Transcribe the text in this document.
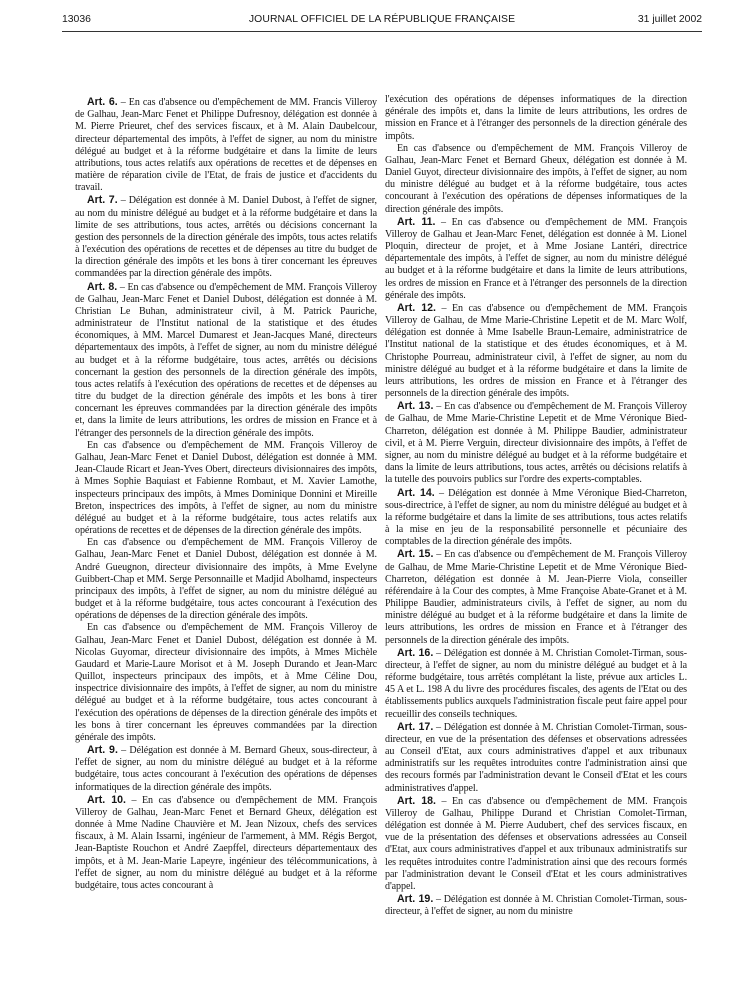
13036	JOURNAL OFFICIEL DE LA RÉPUBLIQUE FRANÇAISE	31 juillet 2002

Art. 6. – En cas d'absence ou d'empêchement de MM. Francis Villeroy de Galhau, Jean-Marc Fenet et Philippe Dufresnoy, délégation est donnée à M. Pierre Prieuret, chef des services fiscaux, et à M. Alain Daubelcour, directeur départemental des impôts, à l'effet de signer, au nom du ministre délégué au budget et à la réforme budgétaire et dans la limite de leurs attributions, tous actes relatifs aux opérations de recettes et de dépenses en matière de réparation civile de l'Etat, de frais de justice et d'accidents du travail.

Art. 7. – Délégation est donnée à M. Daniel Dubost, à l'effet de signer, au nom du ministre délégué au budget et à la réforme budgétaire et dans la limite de ses attributions, tous actes, arrêtés ou décisions concernant la gestion des personnels de la direction générale des impôts, tous actes relatifs à l'exécution des opérations de recettes et de dépenses au titre du budget de la direction générale des impôts et les bons à tirer concernant les épreuves commandées par la direction générale des impôts.

Art. 8. – En cas d'absence ou d'empêchement de MM. François Villeroy de Galhau, Jean-Marc Fenet et Daniel Dubost, délégation est donnée à M. Christian Le Buhan, administrateur civil, à M. Patrick Pauriche, administrateur de l'Institut national de la statistique et des études économiques, à MM. Marcel Dumarest et Jean-Jacques Mané, directeurs départementaux des impôts, à l'effet de signer, au nom du ministre délégué au budget et à la réforme budgétaire, tous actes, arrêtés ou décisions concernant la gestion des personnels de la direction générale des impôts, tous actes relatifs à l'exécution des opérations de recettes et de dépenses au titre du budget de la direction générale des impôts et les bons à tirer concernant les épreuves commandées par la direction générale des impôts et, dans la limite de leurs attributions, les ordres de mission en France et à l'étranger des personnels de la direction générale des impôts.

En cas d'absence ou d'empêchement de MM. François Villeroy de Galhau, Jean-Marc Fenet et Daniel Dubost, délégation est donnée à MM. Jean-Claude Ricart et Jean-Yves Obert, directeurs divisionnaires des impôts, à Mmes Sophie Baquiast et Fabienne Rombaut, et M. Xavier Lamothe, inspecteurs principaux des impôts, à Mmes Dominique Donnini et Mireille Breton, inspectrices des impôts, à l'effet de signer, au nom du ministre délégué au budget et à la réforme budgétaire, tous actes relatifs aux opérations de recettes et de dépenses de la direction générale des impôts.

En cas d'absence ou d'empêchement de MM. François Villeroy de Galhau, Jean-Marc Fenet et Daniel Dubost, délégation est donnée à M. André Gueugnon, directeur divisionnaire des impôts, à Mme Evelyne Guibbert-Chap et MM. Serge Personnaille et Madjid Abolhamd, inspecteurs principaux des impôts, à l'effet de signer, au nom du ministre délégué au budget et à la réforme budgétaire, tous actes concourant à l'exécution des opérations de dépenses de la direction générale des impôts.

En cas d'absence ou d'empêchement de MM. François Villeroy de Galhau, Jean-Marc Fenet et Daniel Dubost, délégation est donnée à M. Nicolas Guyomar, directeur divisionnaire des impôts, à Mmes Michèle Gaudard et Marie-Laure Morisot et à M. Joseph Durando et Jean-Marc Quillot, inspecteurs principaux des impôts, et à Mme Céline Dou, inspectrice divisionnaire des impôts, à l'effet de signer, au nom du ministre délégué au budget et à la réforme budgétaire, tous actes concourant à l'exécution des opérations de dépenses de la direction générale des impôts et les bons à tirer concernant les épreuves commandées par la direction générale des impôts.

Art. 9. – Délégation est donnée à M. Bernard Gheux, sous-directeur, à l'effet de signer, au nom du ministre délégué au budget et à la réforme budgétaire, tous actes concourant à l'exécution des opérations de dépenses informatiques de la direction générale des impôts.

Art. 10. – En cas d'absence ou d'empêchement de MM. François Villeroy de Galhau, Jean-Marc Fenet et Bernard Gheux, délégation est donnée à Mme Nadine Chauvière et M. Jean Nizoux, chefs des services fiscaux, à M. Alain Issarni, ingénieur de l'armement, à MM. Régis Bergot, Jean-Baptiste Rouchon et André Zaepffel, directeurs départementaux des impôts, et à M. Jean-Marie Lapeyre, ingénieur des télécommunications, à l'effet de signer, au nom du ministre délégué au budget et à la réforme budgétaire, tous actes concourant à

l'exécution des opérations de dépenses informatiques de la direction générale des impôts et, dans la limite de leurs attributions, les ordres de mission en France et à l'étranger des personnels de la direction générale des impôts.

En cas d'absence ou d'empêchement de MM. François Villeroy de Galhau, Jean-Marc Fenet et Bernard Gheux, délégation est donnée à M. Daniel Guyot, directeur divisionnaire des impôts, à l'effet de signer, au nom du ministre délégué au budget et à la réforme budgétaire, tous actes concourant à l'exécution des opérations de dépenses informatiques de la direction générale des impôts.

Art. 11. – En cas d'absence ou d'empêchement de MM. François Villeroy de Galhau et Jean-Marc Fenet, délégation est donnée à M. Lionel Ploquin, directeur de projet, et à Mme Josiane Lantéri, directrice départementale des impôts, à l'effet de signer, au nom du ministre délégué au budget et à la réforme budgétaire et dans la limite de leurs attributions, les ordres de mission en France et à l'étranger des personnels de la direction générale des impôts.

Art. 12. – En cas d'absence ou d'empêchement de MM. François Villeroy de Galhau, de Mme Marie-Christine Lepetit et de M. Marc Wolf, délégation est donnée à Mme Isabelle Braun-Lemaire, administratrice de l'Institut national de la statistique et des études économiques, et à M. Christophe Pourreau, administrateur civil, à l'effet de signer, au nom du ministre délégué au budget et à la réforme budgétaire et dans la limite de leurs attributions, les ordres de mission en France et à l'étranger des personnels de la direction générale des impôts.

Art. 13. – En cas d'absence ou d'empêchement de M. François Villeroy de Galhau, de Mme Marie-Christine Lepetit et de Mme Véronique Bied-Charreton, délégation est donnée à M. Philippe Baudier, administrateur civil, et à M. Pierre Verguin, directeur divisionnaire des impôts, à l'effet de signer, au nom du ministre délégué au budget et à la réforme budgétaire et dans la limite de leurs attributions, tous actes, arrêtés ou décisions relatifs à la tutelle des pouvoirs publics sur l'ordre des experts-comptables.

Art. 14. – Délégation est donnée à Mme Véronique Bied-Charreton, sous-directrice, à l'effet de signer, au nom du ministre délégué au budget et à la réforme budgétaire et dans la limite de ses attributions, tous actes relatifs à la mise en jeu de la responsabilité personnelle et pécuniaire des comptables de la direction générale des impôts.

Art. 15. – En cas d'absence ou d'empêchement de M. François Villeroy de Galhau, de Mme Marie-Christine Lepetit et de Mme Véronique Bied-Charreton, délégation est donnée à M. Jean-Pierre Viola, conseiller référendaire à la Cour des comptes, à Mme Françoise Abate-Granet et à M. Philippe Baudier, administrateurs civils, à l'effet de signer, au nom du ministre délégué au budget et à la réforme budgétaire et dans la limite de leurs attributions, les ordres de mission en France et à l'étranger des personnels de la direction générale des impôts.

Art. 16. – Délégation est donnée à M. Christian Comolet-Tirman, sous-directeur, à l'effet de signer, au nom du ministre délégué au budget et à la réforme budgétaire, tous arrêtés complétant la liste, prévue aux articles L. 45 A et L. 198 A du livre des procédures fiscales, des agents de l'Etat ou des établissements publics auxquels l'administration fiscale peut faire appel pour recueillir des conseils techniques.

Art. 17. – Délégation est donnée à M. Christian Comolet-Tirman, sous-directeur, en vue de la présentation des défenses et observations adressées au Conseil d'Etat, aux cours administratives d'appel et aux tribunaux administratifs sur les requêtes introduites contre l'administration ainsi que des recours formés par l'administration devant le Conseil d'Etat et les cours administratives d'appel.

Art. 18. – En cas d'absence ou d'empêchement de MM. François Villeroy de Galhau, Philippe Durand et Christian Comolet-Tirman, délégation est donnée à M. Pierre Audubert, chef des services fiscaux, en vue de la présentation des défenses et observations adressées au Conseil d'Etat, aux cours administratives d'appel et aux tribunaux administratifs sur les requêtes introduites contre l'administration ainsi que des recours formés par l'administration devant le Conseil d'Etat et les cours administratives d'appel.

Art. 19. – Délégation est donnée à M. Christian Comolet-Tirman, sous-directeur, à l'effet de signer, au nom du ministre
